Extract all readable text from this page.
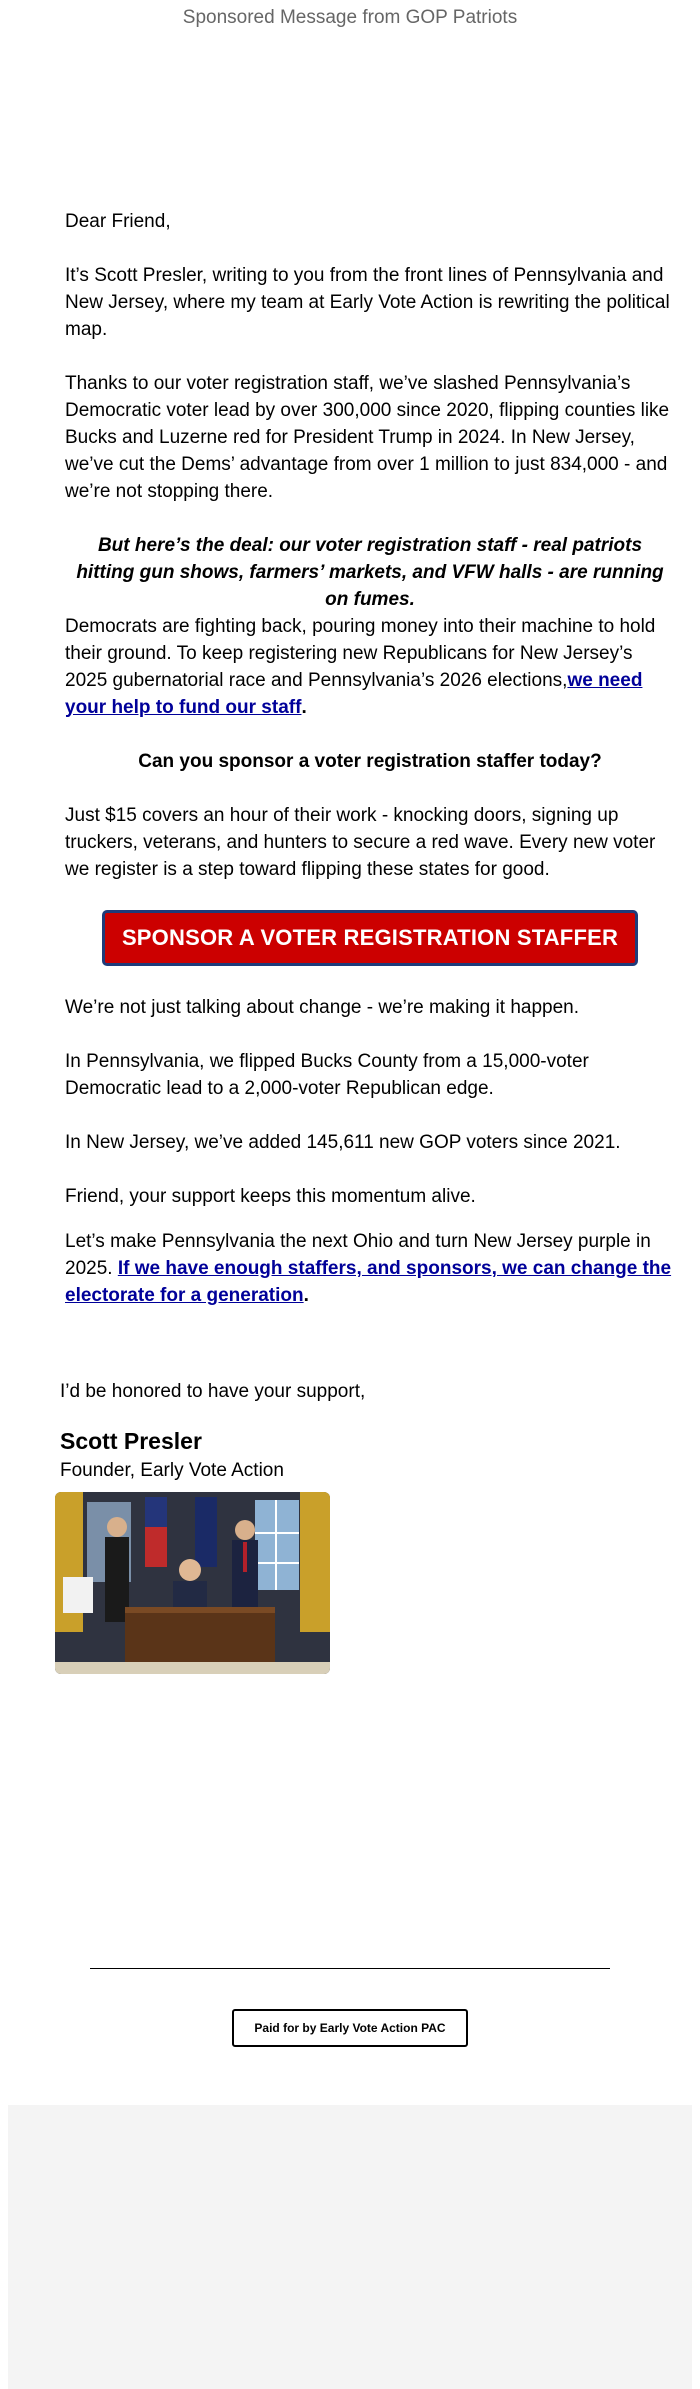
Sponsored Message from GOP Patriots

Dear Friend,

It’s Scott Presler, writing to you from the front lines of Pennsylvania and New Jersey, where my team at Early Vote Action is rewriting the political map.

Thanks to our voter registration staff, we’ve slashed Pennsylvania’s Democratic voter lead by over 300,000 since 2020, flipping counties like Bucks and Luzerne red for President Trump in 2024. In New Jersey, we’ve cut the Dems’ advantage from over 1 million to just 834,000 - and we’re not stopping there.

But here’s the deal: our voter registration staff - real patriots hitting gun shows, farmers’ markets, and VFW halls - are running on fumes.

Democrats are fighting back, pouring money into their machine to hold their ground. To keep registering new Republicans for New Jersey’s 2025 gubernatorial race and Pennsylvania’s 2026 elections,we need your help to fund our staff.

Can you sponsor a voter registration staffer today?

Just $15 covers an hour of their work - knocking doors, signing up truckers, veterans, and hunters to secure a red wave. Every new voter we register is a step toward flipping these states for good.

SPONSOR A VOTER REGISTRATION STAFFER

We’re not just talking about change - we’re making it happen.

In Pennsylvania, we flipped Bucks County from a 15,000-voter Democratic lead to a 2,000-voter Republican edge.

In New Jersey, we’ve added 145,611 new GOP voters since 2021.

Friend, your support keeps this momentum alive.

Let’s make Pennsylvania the next Ohio and turn New Jersey purple in 2025. If we have enough staffers, and sponsors, we can change the electorate for a generation.

I’d be honored to have your support,
Scott Presler
Founder, Early Vote Action
Paid for by Early Vote Action PAC
